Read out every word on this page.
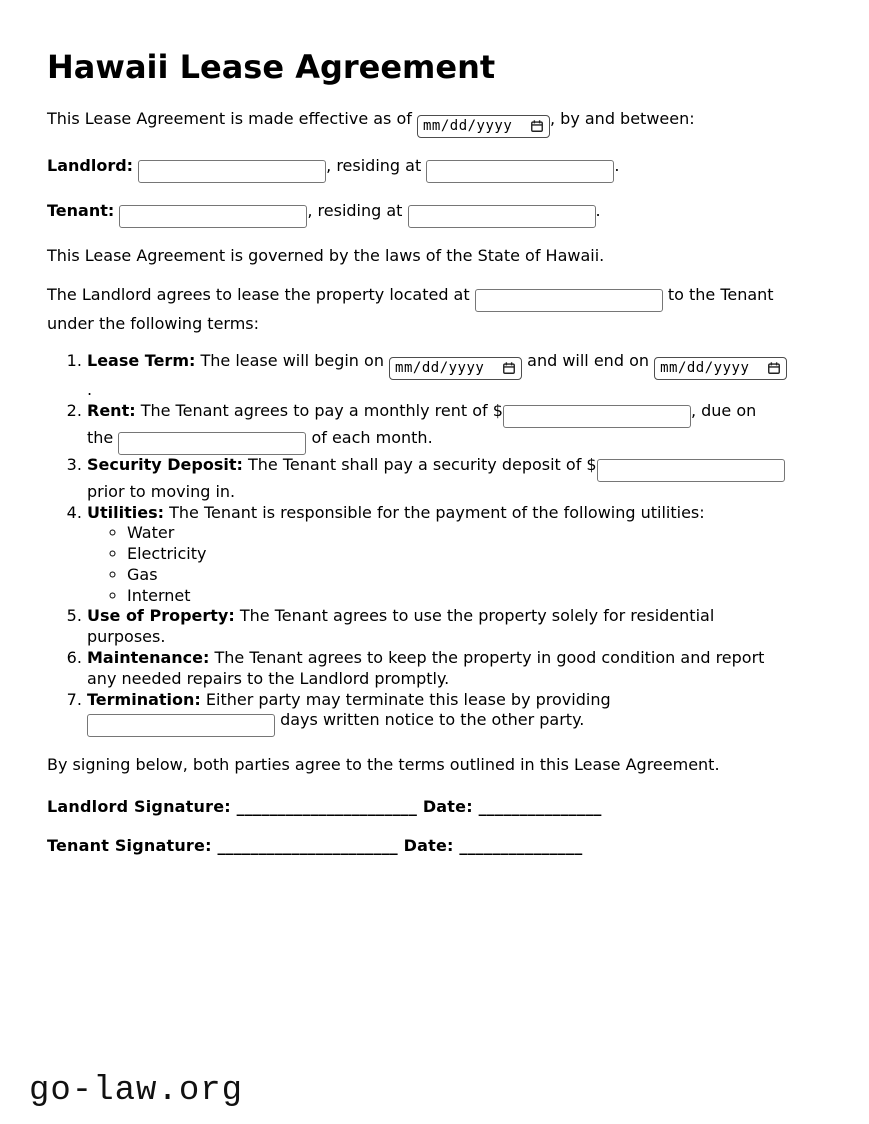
Hawaii Lease Agreement

This Lease Agreement is made effective as of mm/dd/yyyy , by and between:

Landlord:	, residing at	.

Tenant:	, residing at	.

This Lease Agreement is governed by the laws of the State of Hawaii.

The Landlord agrees to lease the property located at	to the Tenant
under the following terms:

1. Lease Term: The lease will begin on mm/dd/yyyy	and will end on mm/dd/yyyy

.
2. Rent: The Tenant agrees to pay a monthly rent of $	, due on
the	of each month.
3. Security Deposit: The Tenant shall pay a security deposit of $
prior to moving in.
4. Utilities: The Tenant is responsible for the payment of the following utilities:
◦ Water
◦ Electricity
◦ Gas
◦ Internet
5. Use of Property: The Tenant agrees to use the property solely for residential
purposes.
6. Maintenance: The Tenant agrees to keep the property in good condition and report
any needed repairs to the Landlord promptly.
7. Termination: Either party may terminate this lease by providing
days written notice to the other party.

By signing below, both parties agree to the terms outlined in this Lease Agreement.

Landlord Signature: ______________________ Date: _______________

Tenant Signature: ______________________ Date: _______________

go-law.org
